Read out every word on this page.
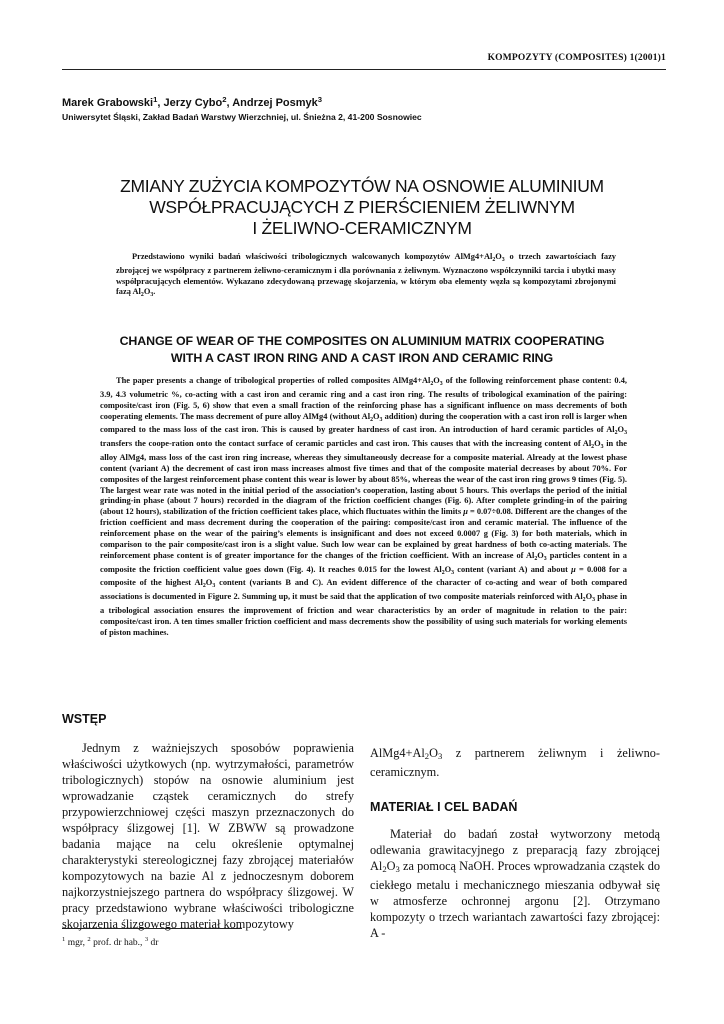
KOMPOZYTY (COMPOSITES) 1(2001)1
Marek Grabowski$^1$, Jerzy Cybo$^2$, Andrzej Posmyk$^3$
Uniwersytet Śląski, Zakład Badań Warstwy Wierzchniej, ul. Śnieżna 2, 41-200 Sosnowiec
ZMIANY ZUŻYCIA KOMPOZYTÓW NA OSNOWIE ALUMINIUM
WSPÓŁPRACUJĄCYCH Z PIERŚCIENIEM ŻELIWNYM
I ŻELIWNO-CERAMICZNYM

Przedstawiono wyniki badań właściwości tribologicznych walcowanych kompozytów $AlMg4+Al_2O_3$ o trzech zawartościach fazy zbrojącej we współpracy z partnerem żeliwno-ceramicznym i dla porównania z żeliwnym. Wyznaczono współczynniki tarcia i ubytki masy współpracujących elementów. Wykazano zdecydowaną przewagę skojarzenia, w którym oba elementy węzła są kompozytami zbrojonymi fazą $Al_2O_3$.

CHANGE OF WEAR OF THE COMPOSITES ON ALUMINIUM MATRIX COOPERATING
WITH A CAST IRON RING AND A CAST IRON AND CERAMIC RING

The paper presents a change of tribological properties of rolled composites $AlMg4+Al_2O_3$ of the following reinforcement phase content: 0.4, 3.9, 4.3 volumetric %, co-acting with a cast iron and ceramic ring and a cast iron ring. The results of tribological examination of the pairing: composite/cast iron (Fig. 5, 6) show that even a small fraction of the reinforcing phase has a significant influence on mass decrements of both cooperating elements. The mass decrement of pure alloy AlMg4 (without $Al_2O_3$ addition) during the cooperation with a cast iron roll is larger when compared to the mass loss of the cast iron. This is caused by greater hardness of cast iron. An introduction of hard ceramic particles of $Al_2O_3$ transfers the coope-ration onto the contact surface of ceramic particles and cast iron. This causes that with the increasing content of $Al_2O_3$ in the alloy AlMg4, mass loss of the cast iron ring increase, whereas they simultaneously decrease for a composite material. Already at the lowest phase content (variant A) the decrement of cast iron mass increases almost five times and that of the composite material decreases by about 70%. For composites of the largest reinforcement phase content this wear is lower by about 85%, whereas the wear of the cast iron ring grows 9 times (Fig. 5). The largest wear rate was noted in the initial period of the association’s cooperation, lasting about 5 hours. This overlaps the period of the initial grinding-in phase (about 7 hours) recorded in the diagram of the friction coefficient changes (Fig. 6). After complete grinding-in of the pairing (about 12 hours), stabilization of the friction coefficient takes place, which fluctuates within the limits μ = 0.07÷0.08. Different are the changes of the friction coefficient and mass decrement during the cooperation of the pairing: composite/cast iron and ceramic material. The influence of the reinforcement phase on the wear of the pairing’s elements is insignificant and does not exceed 0.0007 g (Fig. 3) for both materials, which in comparison to the pair composite/cast iron is a slight value. Such low wear can be explained by great hardness of both co-acting materials. The reinforcement phase content is of greater importance for the changes of the friction coefficient. With an increase of $Al_2O_3$ particles content in a composite the friction coefficient value goes down (Fig. 4). It reaches 0.015 for the lowest $Al_2O_3$ content (variant A) and about μ = 0.008 for a composite of the highest $Al_2O_3$ content (variants B and C). An evident difference of the character of co-acting and wear of both compared associations is documented in Figure 2. Summing up, it must be said that the application of two composite materials reinforced with $Al_2O_3$ phase in a tribological association ensures the improvement of friction and wear characteristics by an order of magnitude in relation to the pair: composite/cast iron. A ten times smaller friction coefficient and mass decrements show the possibility of using such materials for working elements of piston machines.

WSTĘP

Jednym z ważniejszych sposobów poprawienia właściwości użytkowych (np. wytrzymałości, parametrów tribologicznych) stopów na osnowie aluminium jest wprowadzanie cząstek ceramicznych do strefy przypowierzchniowej części maszyn przeznaczonych do współpracy ślizgowej [1]. W ZBWW są prowadzone badania mające na celu określenie optymalnej charakterystyki stereologicznej fazy zbrojącej materiałów kompozytowych na bazie Al z jednoczesnym doborem najkorzystniejszego partnera do współpracy ślizgowej. W pracy przedstawiono wybrane właściwości tribologiczne skojarzenia ślizgowego materiał kompozytowy

$AlMg4+Al_2O_3$ z partnerem żeliwnym i żeliwno-ceramicznym.

MATERIAŁ I CEL BADAŃ

Materiał do badań został wytworzony metodą odlewania grawitacyjnego z preparacją fazy zbrojącej $Al_2O_3$ za pomocą NaOH. Proces wprowadzania cząstek do ciekłego metalu i mechanicznego mieszania odbywał się w atmosferze ochronnej argonu [2]. Otrzymano kompozyty o trzech wariantach zawartości fazy zbrojącej: A -

$^1$ mgr, $^2$ prof. dr hab., $^3$ dr
